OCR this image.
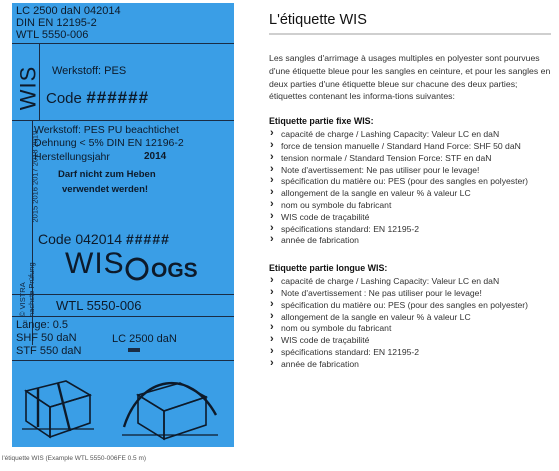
LC 2500 daN 042014
DIN EN 12195-2
WTL 5550-006
WIS Werkstoff: PES
Code ######
2015 2016 2017 2018 2019
Werkstoff: PES PU beachtichet
Dehnung < 5% DIN EN 12196-2
Herstellungsjahr	2014
Darf nicht zum Heben
verwendet werden!
Code 042014 #####
© VISTRA
nachste Prüfung WIS OGS
WTL 5550-006
Länge: 0.5
SHF 50 daN
STF 550 daN
LC 2500 daN
l'étiquette WIS (Example WTL 5550-006FE 0.5 m)
L'étiquette WIS
Les sangles d'arrimage à usages multiples en polyester sont pourvues d'une étiquette bleue pour les sangles en ceinture, et pour les sangles en deux parties d'une étiquette bleue sur chacune des deux parties; étiquettes contenant les informa-tions suivantes:
Etiquette partie fixe WIS:
› capacité de charge / Lashing Capacity: Valeur LC en daN
› force de tension manuelle / Standard Hand Force: SHF 50 daN
› tension normale / Standard Tension Force: STF en daN
› Note d'avertissement: Ne pas utiliser pour le levage!
› spécification du matière ou: PES (pour des sangles en polyester)
› allongement de la sangle en valeur % à valeur LC
› nom ou symbole du fabricant
› WIS code de traçabilité
› spécifications standard: EN 12195-2
› année de fabrication
Etiquette partie longue WIS:
› capacité de charge / Lashing Capacity: Valeur LC en daN
› Note d'avertissement : Ne pas utiliser pour le levage!
› spécification du matière ou: PES (pour des sangles en polyester)
› allongement de la sangle en valeur % à valeur LC
› nom ou symbole du fabricant
› WIS code de traçabilité
› spécifications standard: EN 12195-2
› année de fabrication
